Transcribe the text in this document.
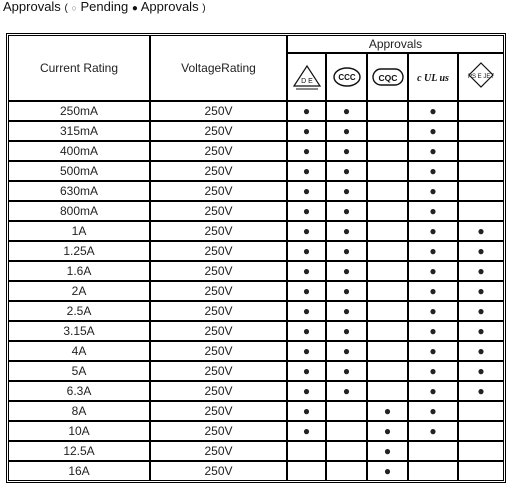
Approvals ( ○ Pending ● Approvals )
Current Rating	VoltageRating	Approvals				

D E	CCC	CQC	c UL us	PS E JET

250mA	250V	●	●		●	
315mA	250V	●	●		●	
400mA	250V	●	●		●	
500mA	250V	●	●		●	
630mA	250V	●	●		●	
800mA	250V	●	●		●	
1A	250V	●	●		●	●
1.25A	250V	●	●		●	●
1.6A	250V	●	●		●	●
2A	250V	●	●		●	●
2.5A	250V	●	●		●	●
3.15A	250V	●	●		●	●
4A	250V	●	●		●	●
5A	250V	●	●		●	●
6.3A	250V	●	●		●	●
8A	250V	●		●	●	
10A	250V	●		●	●	
12.5A	250V			●		
16A	250V			●		
